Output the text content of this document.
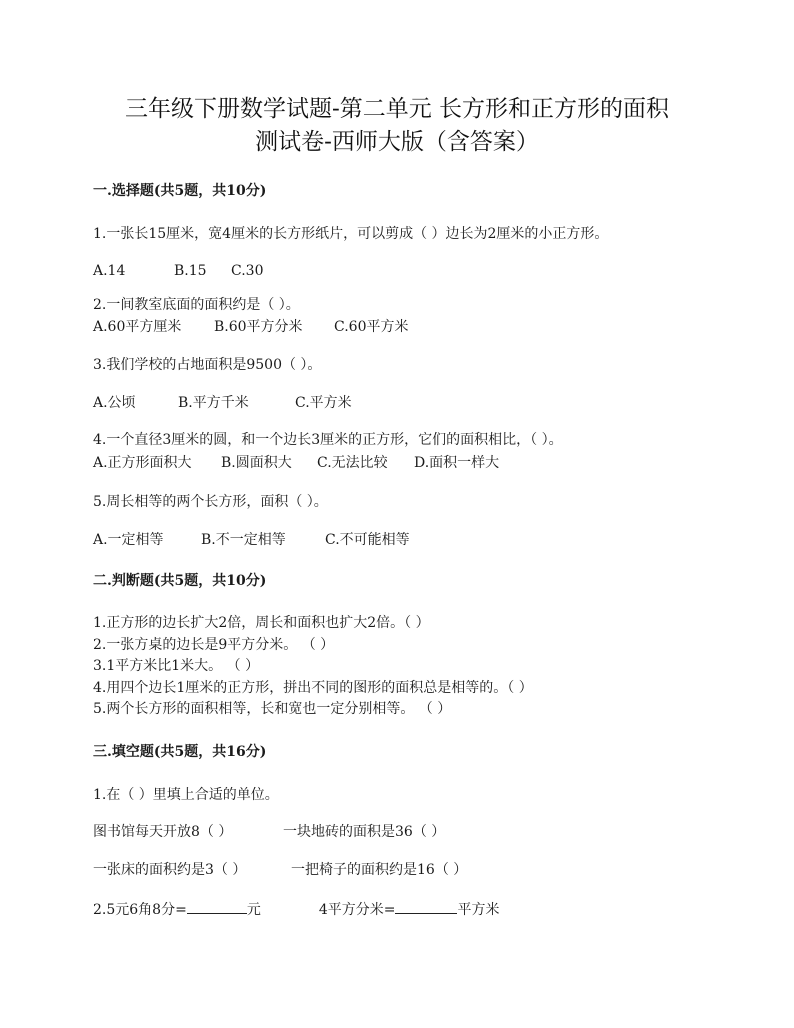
三年级下册数学试题-第二单元 长方形和正方形的面积
测试卷-西师大版（含答案）
一.选择题(共5题，共10分)
1.一张长15厘米，宽4厘米的长方形纸片，可以剪成（ ）边长为2厘米的小正方形。
A.14	B.15 C.30
2.一间教室底面的面积约是（ ）。
A.60平方厘米 B.60平方分米 C.60平方米
3.我们学校的占地面积是9500（ ）。
A.公顷	B.平方千米	C.平方米
4.一个直径3厘米的圆，和一个边长3厘米的正方形，它们的面积相比，（ ）。
A.正方形面积大 B.圆面积大 C.无法比较 D.面积一样大
5.周长相等的两个长方形，面积（ ）。
A.一定相等	B.不一定相等	C.不可能相等
二.判断题(共5题，共10分)
1.正方形的边长扩大2倍，周长和面积也扩大2倍。（ ）
2.一张方桌的边长是9平方分米。 （ ）
3.1平方米比1米大。 （ ）
4.用四个边长1厘米的正方形，拼出不同的图形的面积总是相等的。（ ）
5.两个长方形的面积相等，长和宽也一定分别相等。 （ ）
三.填空题(共5题，共16分)
1.在（ ）里填上合适的单位。
图书馆每天开放8（ ）	一块地砖的面积是36（ ）
一张床的面积约是3（ ）	一把椅子的面积约是16（ ）
2.5元6角8分=	元	4平方分米=	平方米
